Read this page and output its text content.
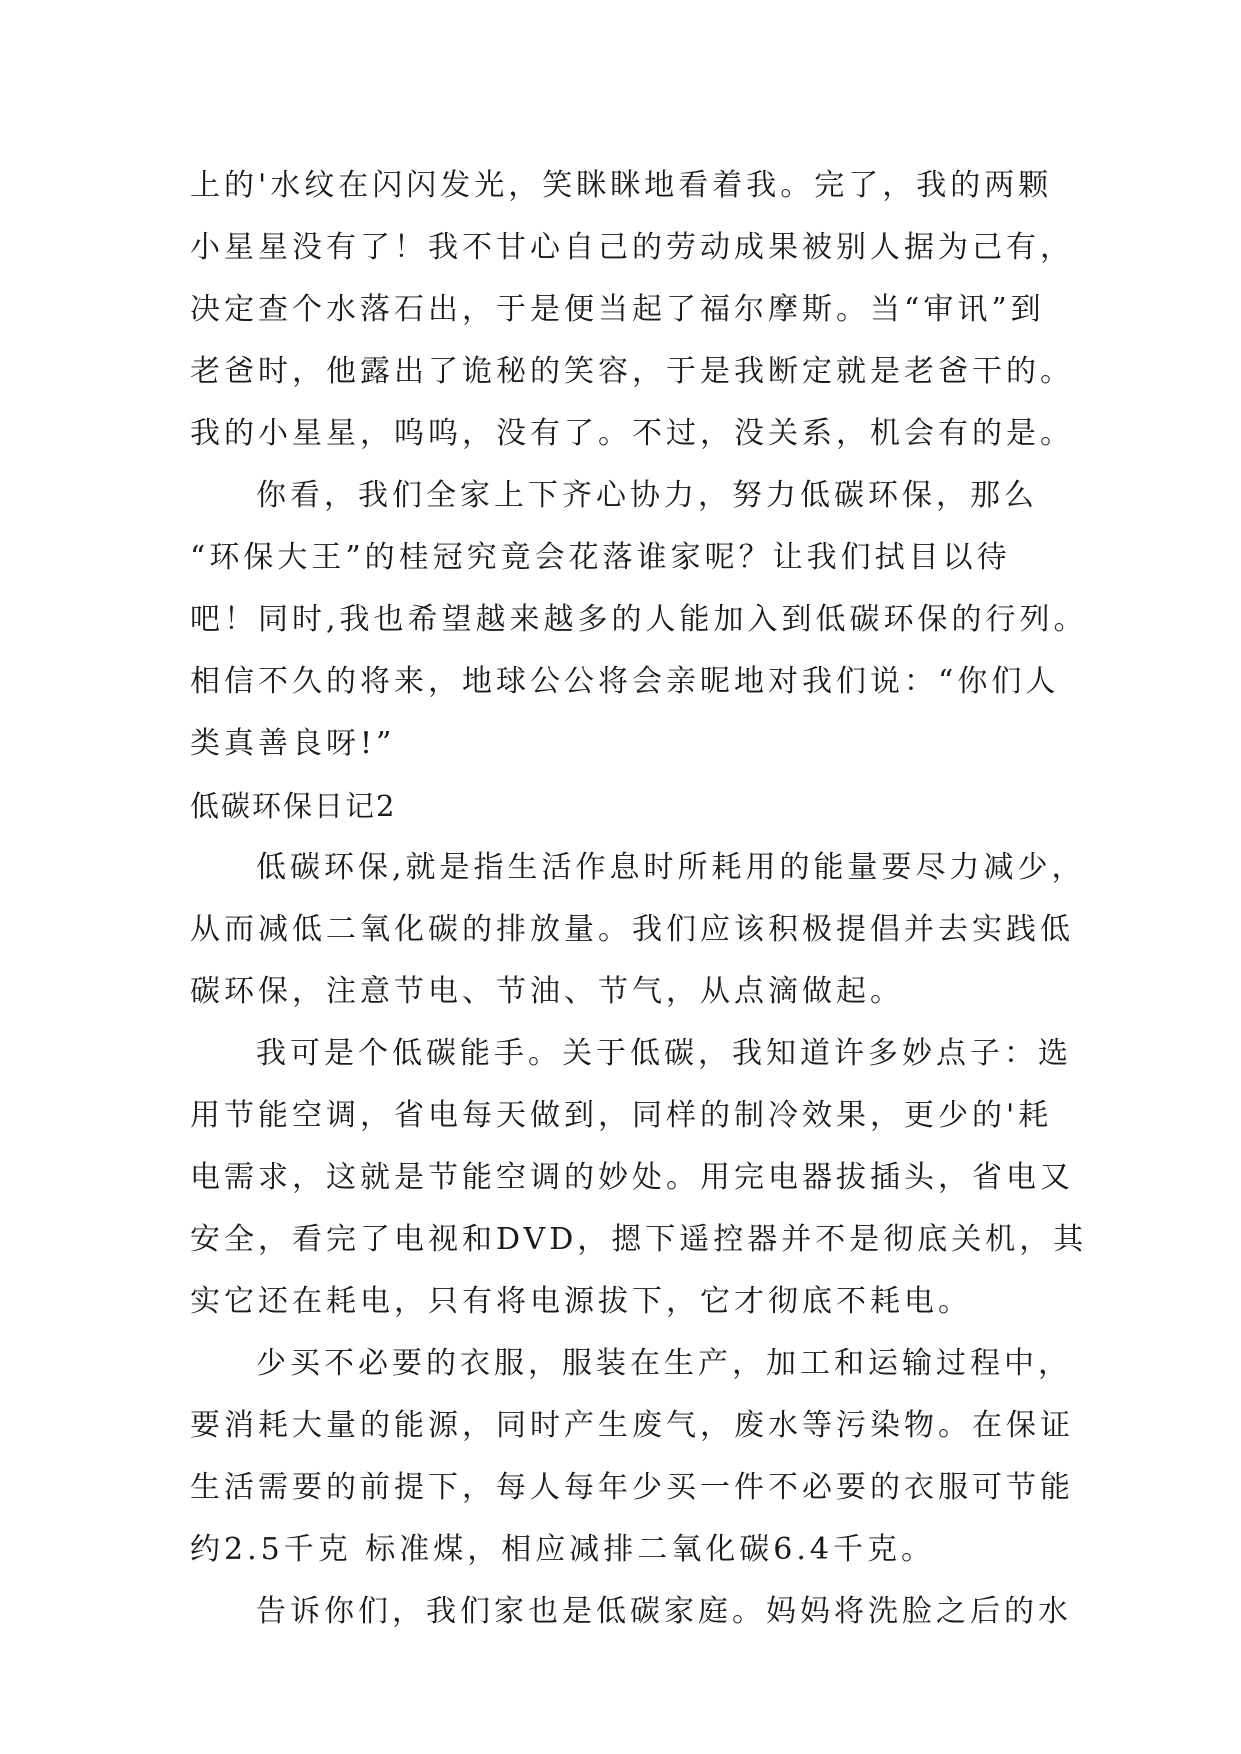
上的'水纹在闪闪发光，笑眯眯地看着我。完了，我的两颗
小星星没有了！我不甘心自己的劳动成果被别人据为己有，
决定查个水落石出，于是便当起了福尔摩斯。当“审讯”到
老爸时，他露出了诡秘的笑容，于是我断定就是老爸干的。
我的小星星，呜呜，没有了。不过，没关系，机会有的是。
你看，我们全家上下齐心协力，努力低碳环保，那么
“环保大王”的桂冠究竟会花落谁家呢？让我们拭目以待
吧！同时,我也希望越来越多的人能加入到低碳环保的行列。
相信不久的将来，地球公公将会亲昵地对我们说：“你们人
类真善良呀!”
低碳环保日记2
低碳环保,就是指生活作息时所耗用的能量要尽力减少，
从而减低二氧化碳的排放量。我们应该积极提倡并去实践低
碳环保，注意节电、节油、节气，从点滴做起。
我可是个低碳能手。关于低碳，我知道许多妙点子：选
用节能空调，省电每天做到，同样的制冷效果，更少的'耗
电需求，这就是节能空调的妙处。用完电器拔插头，省电又
安全，看完了电视和DVD，摁下遥控器并不是彻底关机，其
实它还在耗电，只有将电源拔下，它才彻底不耗电。
少买不必要的衣服，服装在生产，加工和运输过程中，
要消耗大量的能源，同时产生废气，废水等污染物。在保证
生活需要的前提下，每人每年少买一件不必要的衣服可节能
约2.5千克 标准煤，相应减排二氧化碳6.4千克。
告诉你们，我们家也是低碳家庭。妈妈将洗脸之后的水
